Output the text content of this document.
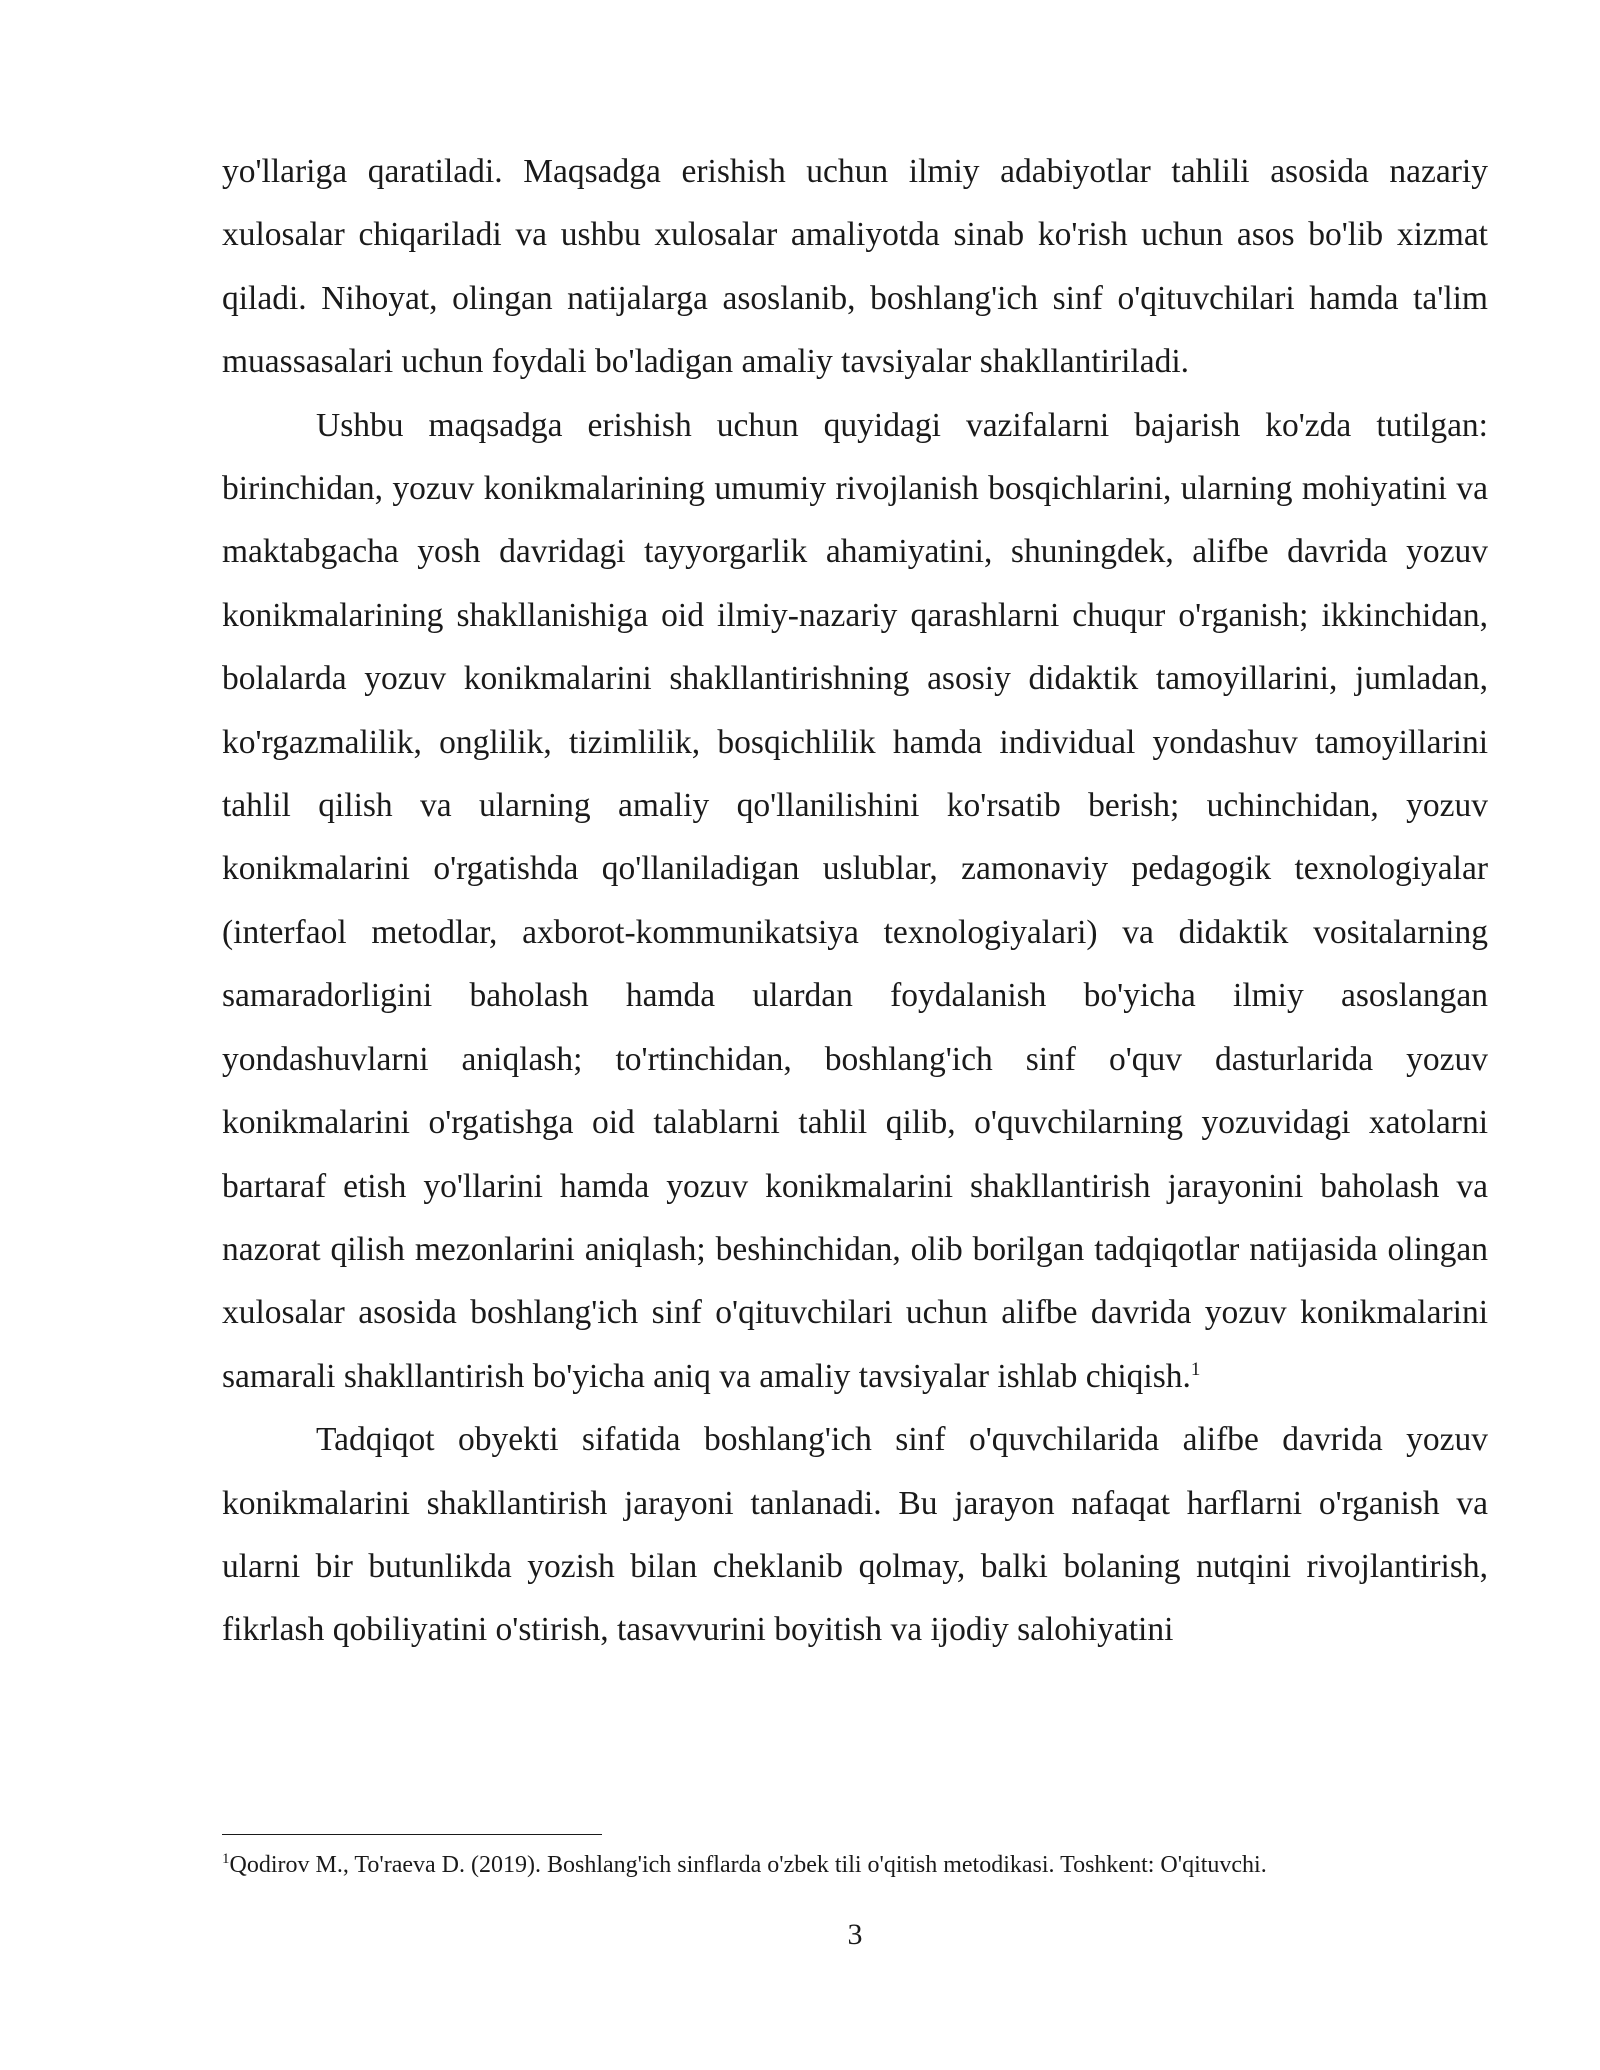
yo'llariga qaratiladi. Maqsadga erishish uchun ilmiy adabiyotlar tahlili asosida nazariy xulosalar chiqariladi va ushbu xulosalar amaliyotda sinab ko'rish uchun asos bo'lib xizmat qiladi. Nihoyat, olingan natijalarga asoslanib, boshlang'ich sinf o'qituvchilari hamda ta'lim muassasalari uchun foydali bo'ladigan amaliy tavsiyalar shakllantiriladi.

Ushbu maqsadga erishish uchun quyidagi vazifalarni bajarish ko'zda tutilgan: birinchidan, yozuv konikmalarining umumiy rivojlanish bosqichlarini, ularning mohiyatini va maktabgacha yosh davridagi tayyorgarlik ahamiyatini, shuningdek, alifbe davrida yozuv konikmalarining shakllanishiga oid ilmiy-nazariy qarashlarni chuqur o'rganish; ikkinchidan, bolalarda yozuv konikmalarini shakllantirishning asosiy didaktik tamoyillarini, jumladan, ko'rgazmalilik, onglilik, tizimlilik, bosqichlilik hamda individual yondashuv tamoyillarini tahlil qilish va ularning amaliy qo'llanilishini ko'rsatib berish; uchinchidan, yozuv konikmalarini o'rgatishda qo'llaniladigan uslublar, zamonaviy pedagogik texnologiyalar (interfaol metodlar, axborot-kommunikatsiya texnologiyalari) va didaktik vositalarning samaradorligini baholash hamda ulardan foydalanish bo'yicha ilmiy asoslangan yondashuvlarni aniqlash; to'rtinchidan, boshlang'ich sinf o'quv dasturlarida yozuv konikmalarini o'rgatishga oid talablarni tahlil qilib, o'quvchilarning yozuvidagi xatolarni bartaraf etish yo'llarini hamda yozuv konikmalarini shakllantirish jarayonini baholash va nazorat qilish mezonlarini aniqlash; beshinchidan, olib borilgan tadqiqotlar natijasida olingan xulosalar asosida boshlang'ich sinf o'qituvchilari uchun alifbe davrida yozuv konikmalarini samarali shakllantirish bo'yicha aniq va amaliy tavsiyalar ishlab chiqish.$^1$

Tadqiqot obyekti sifatida boshlang'ich sinf o'quvchilarida alifbe davrida yozuv konikmalarini shakllantirish jarayoni tanlanadi. Bu jarayon nafaqat harflarni o'rganish va ularni bir butunlikda yozish bilan cheklanib qolmay, balki bolaning nutqini rivojlantirish, fikrlash qobiliyatini o'stirish, tasavvurini boyitish va ijodiy salohiyatini

$^1$Qodirov M., To'raeva D. (2019). Boshlang'ich sinflarda o'zbek tili o'qitish metodikasi. Toshkent: O'qituvchi.
3
